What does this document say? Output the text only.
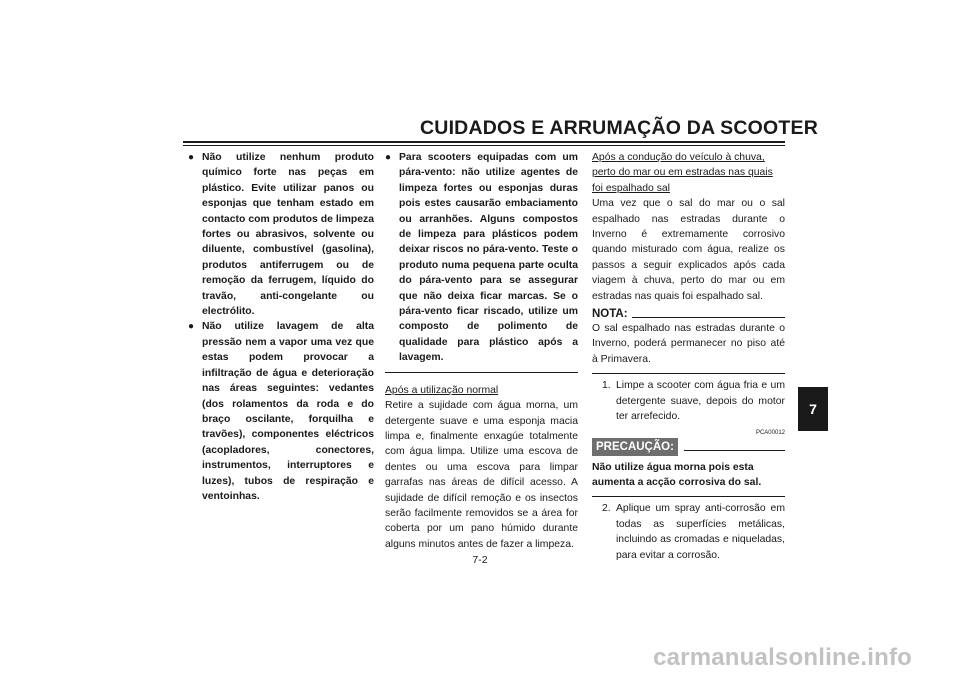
CUIDADOS E ARRUMAÇÃO DA SCOOTER
● Não utilize nenhum produto químico forte nas peças em plástico. Evite utilizar panos ou esponjas que tenham estado em contacto com produtos de limpeza fortes ou abrasivos, solvente ou diluente, combustível (gasolina), produtos antiferrugem ou de remoção da ferrugem, líquido do travão, anti-congelante ou electrólito.
● Não utilize lavagem de alta pressão nem a vapor uma vez que estas podem provocar a infiltração de água e deterioração nas áreas seguintes: vedantes (dos rolamentos da roda e do braço oscilante, forquilha e travões), componentes eléctricos (acopladores, conectores, instrumentos, interruptores e luzes), tubos de respiração e ventoinhas.
● Para scooters equipadas com um pára-vento: não utilize agentes de limpeza fortes ou esponjas duras pois estes causarão embaciamento ou arranhões. Alguns compostos de limpeza para plásticos podem deixar riscos no pára-vento. Teste o produto numa pequena parte oculta do pára-vento para se assegurar que não deixa ficar marcas. Se o pára-vento ficar riscado, utilize um composto de polimento de qualidade para plástico após a lavagem.

Após a utilização normal

Retire a sujidade com água morna, um detergente suave e uma esponja macia limpa e, finalmente enxagúe totalmente com água limpa. Utilize uma escova de dentes ou uma escova para limpar garrafas nas áreas de difícil acesso. A sujidade de difícil remoção e os insectos serão facilmente removidos se a área for coberta por um pano húmido durante alguns minutos antes de fazer a limpeza.

Após a condução do veículo à chuva, perto do mar ou em estradas nas quais foi espalhado sal

Uma vez que o sal do mar ou o sal espalhado nas estradas durante o Inverno é extremamente corrosivo quando misturado com água, realize os passos a seguir explicados após cada viagem à chuva, perto do mar ou em estradas nas quais foi espalhado sal.

NOTA:

O sal espalhado nas estradas durante o Inverno, poderá permanecer no piso até à Primavera.

1. Limpe a scooter com água fria e um detergente suave, depois do motor ter arrefecido.
PCA00012
PRECAUÇÃO:
Não utilize água morna pois esta aumenta a acção corrosiva do sal.
2. Aplique um spray anti-corrosão em todas as superfícies metálicas, incluindo as cromadas e niqueladas, para evitar a corrosão.
7
7-2
carmanualsonline.info
